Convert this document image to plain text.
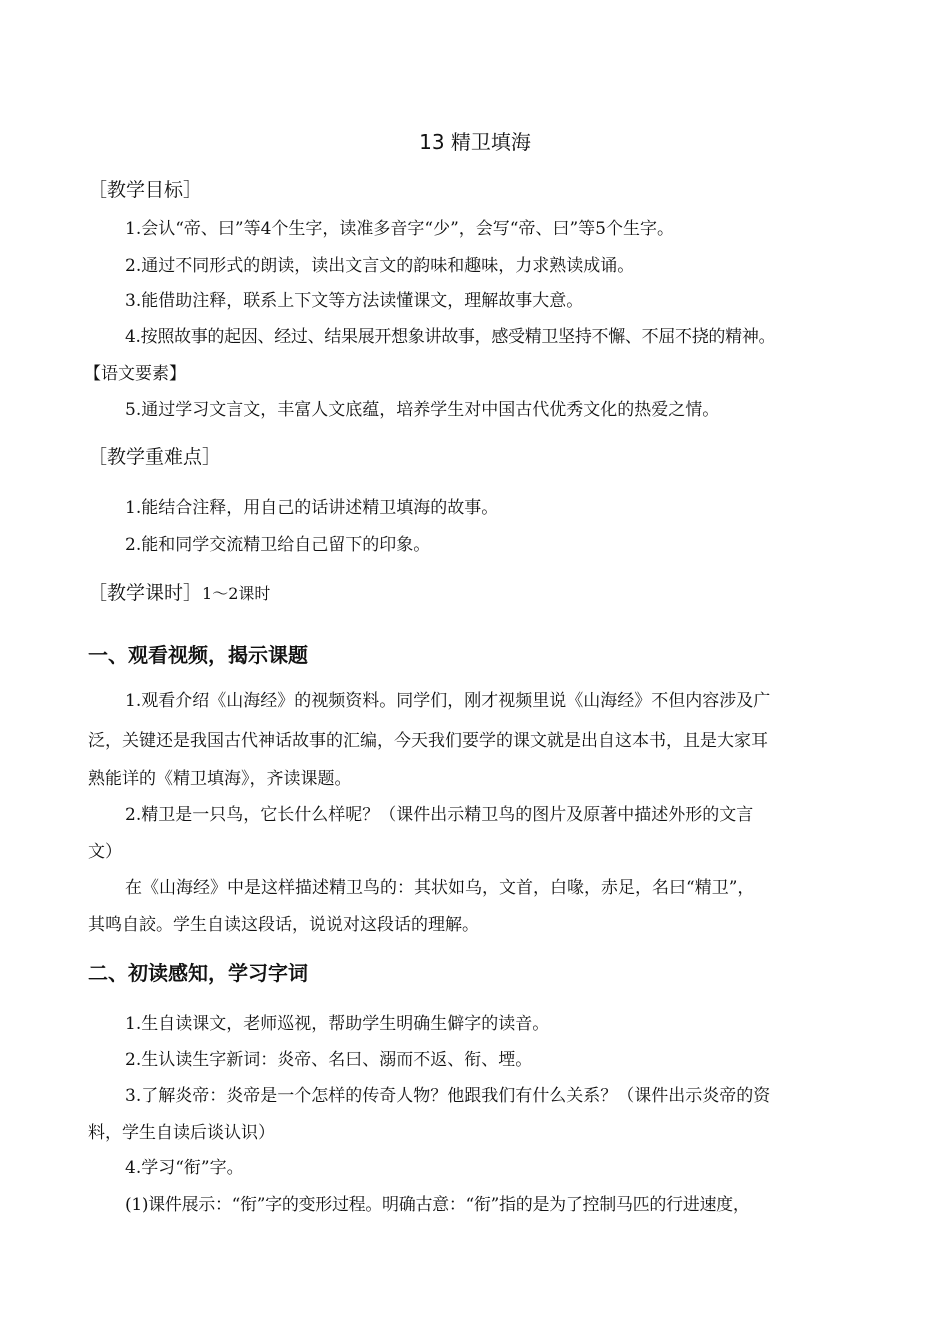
13 精卫填海
［教学目标］
1.会认“帝、曰”等4个生字，读准多音字“少”，会写“帝、曰”等5个生字。
2.通过不同形式的朗读，读出文言文的韵味和趣味，力求熟读成诵。
3.能借助注释，联系上下文等方法读懂课文，理解故事大意。
4.按照故事的起因、经过、结果展开想象讲故事，感受精卫坚持不懈、不屈不挠的精神。
【语文要素】
5.通过学习文言文，丰富人文底蕴，培养学生对中国古代优秀文化的热爱之情。
［教学重难点］
1.能结合注释，用自己的话讲述精卫填海的故事。
2.能和同学交流精卫给自己留下的印象。
［教学课时］1～2课时
一、观看视频，揭示课题
1.观看介绍《山海经》的视频资料。同学们，刚才视频里说《山海经》不但内容涉及广
泛，关键还是我国古代神话故事的汇编，今天我们要学的课文就是出自这本书，且是大家耳
熟能详的《精卫填海》，齐读课题。
2.精卫是一只鸟，它长什么样呢？（课件出示精卫鸟的图片及原著中描述外形的文言
文）
在《山海经》中是这样描述精卫鸟的：其状如乌，文首，白喙，赤足，名曰“精卫”，
其鸣自詨。学生自读这段话，说说对这段话的理解。
二、初读感知，学习字词
1.生自读课文，老师巡视，帮助学生明确生僻字的读音。
2.生认读生字新词：炎帝、名曰、溺而不返、衔、堙。
3.了解炎帝：炎帝是一个怎样的传奇人物？他跟我们有什么关系？（课件出示炎帝的资
料，学生自读后谈认识）
4.学习“衔”字。
(1)课件展示：“衔”字的变形过程。明确古意：“衔”指的是为了控制马匹的行进速度，
